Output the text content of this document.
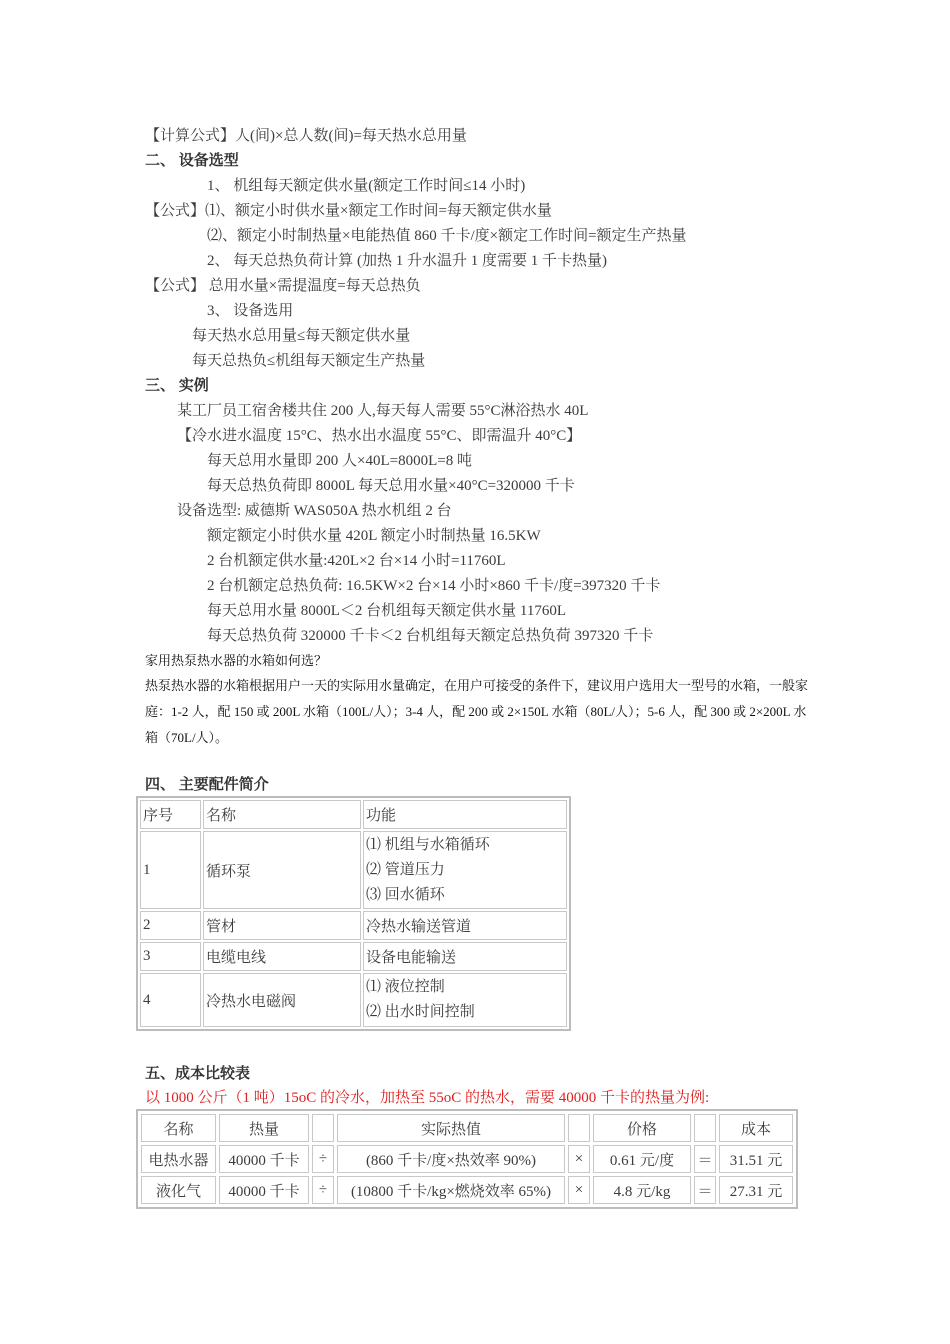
【计算公式】人(间)×总人数(间)=每天热水总用量
二、 设备选型
1、 机组每天额定供水量(额定工作时间≤14 小时)
【公式】⑴、额定小时供水量×额定工作时间=每天额定供水量
⑵、额定小时制热量×电能热值 860 千卡/度×额定工作时间=额定生产热量
2、 每天总热负荷计算 (加热 1 升水温升 1 度需要 1 千卡热量)
【公式】 总用水量×需提温度=每天总热负
3、 设备选用
每天热水总用量≤每天额定供水量
每天总热负≤机组每天额定生产热量
三、 实例
某工厂员工宿舍楼共住 200 人,每天每人需要 55°C淋浴热水 40L
【冷水进水温度 15°C、热水出水温度 55°C、即需温升 40°C】
每天总用水量即 200 人×40L=8000L=8 吨
每天总热负荷即 8000L 每天总用水量×40°C=320000 千卡
设备选型: 威德斯 WAS050A 热水机组 2 台
额定额定小时供水量 420L 额定小时制热量 16.5KW
2 台机额定供水量:420L×2 台×14 小时=11760L
2 台机额定总热负荷: 16.5KW×2 台×14 小时×860 千卡/度=397320 千卡
每天总用水量 8000L＜2 台机组每天额定供水量 11760L
每天总热负荷 320000 千卡＜2 台机组每天额定总热负荷 397320 千卡
家用热泵热水器的水箱如何选？
热泵热水器的水箱根据用户一天的实际用水量确定，在用户可接受的条件下，建议用户选用大一型号的水箱，一般家庭：1-2 人，配 150 或 200L 水箱（100L/人）；3-4 人，配 200 或 2×150L 水箱（80L/人）；5-6 人，配 300 或 2×200L 水箱（70L/人）。
四、 主要配件简介
序号	名称	功能
1	循环泵	⑴ 机组与水箱循环
⑵ 管道压力
⑶ 回水循环

2	管材	冷热水输送管道
3	电缆电线	设备电能输送
4	冷热水电磁阀	⑴ 液位控制
⑵ 出水时间控制
五、成本比较表
以 1000 公斤（1 吨）15oC 的冷水，加热至 55oC 的热水，需要 40000 千卡的热量为例:
名称	热量		实际热值		价格		成本
电热水器	40000 千卡	÷	(860 千卡/度×热效率 90%)	×	0.61 元/度	＝	31.51 元
液化气	40000 千卡	÷	(10800 千卡/kg×燃烧效率 65%)	×	4.8 元/kg	＝	27.31 元
